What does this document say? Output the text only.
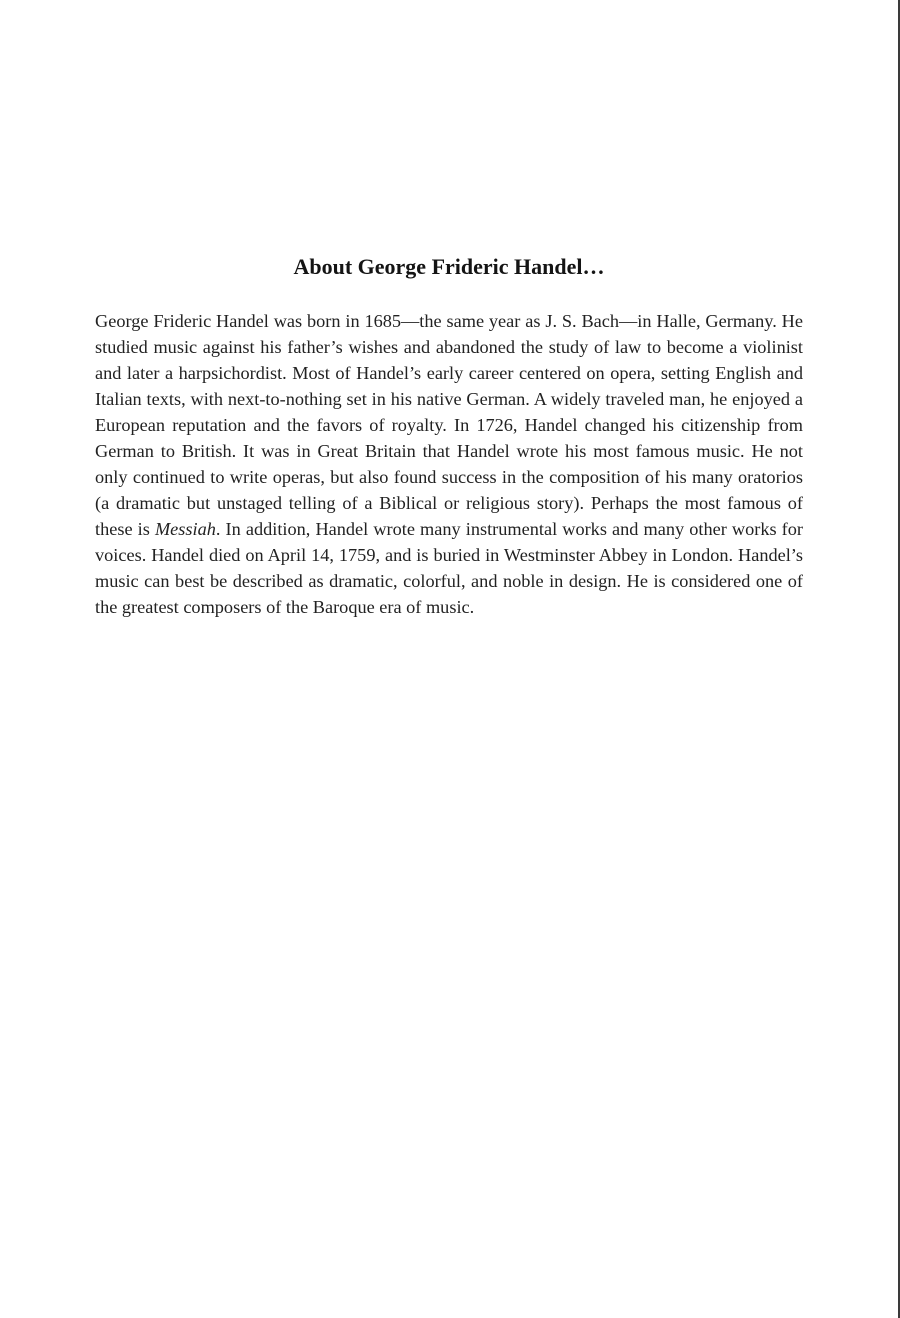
About George Frideric Handel…

George Frideric Handel was born in 1685—the same year as J. S. Bach—in Halle, Germany. He studied music against his father’s wishes and abandoned the study of law to become a violinist and later a harpsichordist. Most of Handel’s early career centered on opera, setting English and Italian texts, with next-to-nothing set in his native German. A widely traveled man, he enjoyed a European reputation and the favors of royalty. In 1726, Handel changed his citizenship from German to British. It was in Great Britain that Handel wrote his most famous music. He not only continued to write operas, but also found success in the composition of his many oratorios (a dramatic but unstaged telling of a Biblical or religious story). Perhaps the most famous of these is Messiah. In addition, Handel wrote many instrumental works and many other works for voices. Handel died on April 14, 1759, and is buried in Westminster Abbey in London. Handel’s music can best be described as dramatic, colorful, and noble in design. He is considered one of the greatest composers of the Baroque era of music.
